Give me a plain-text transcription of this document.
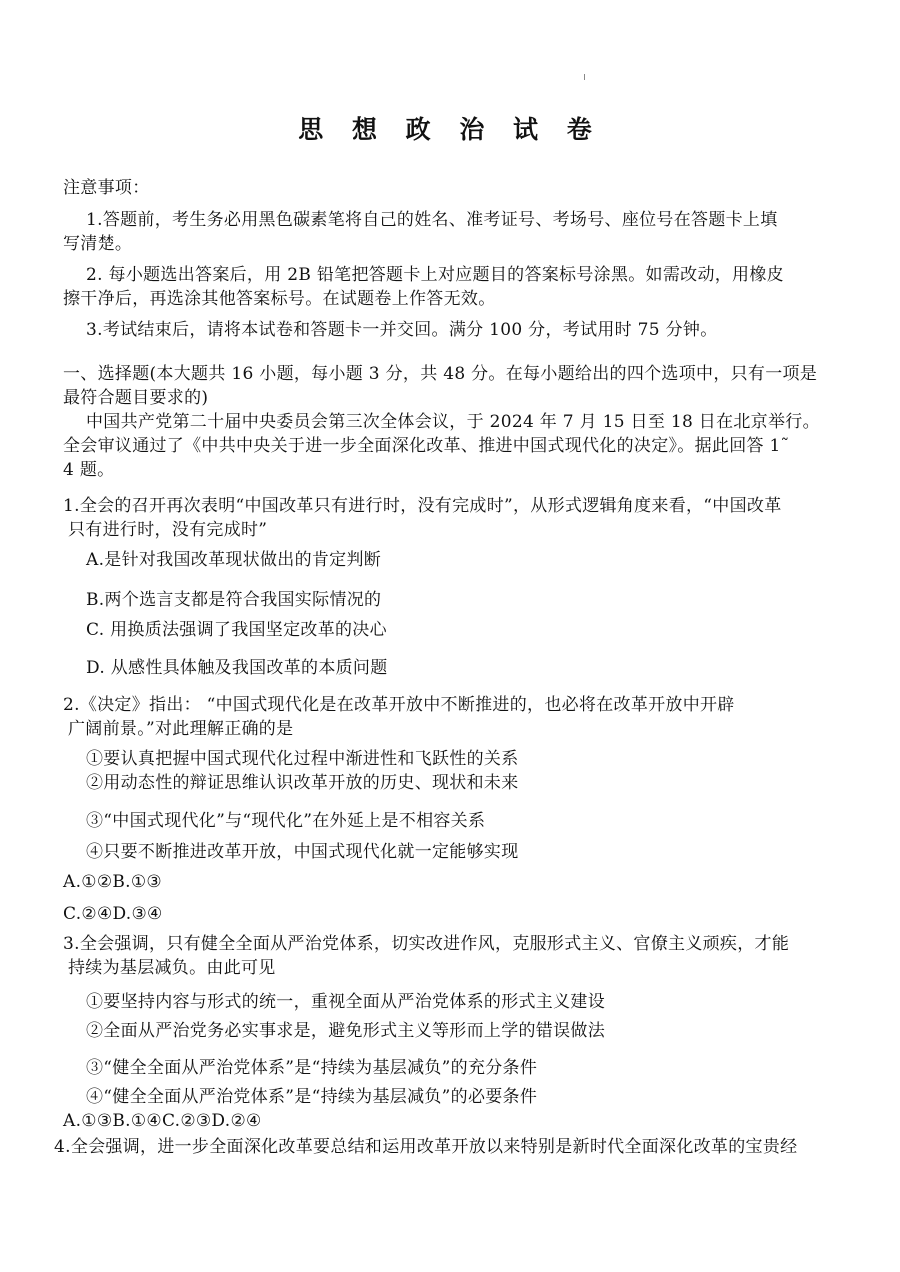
思 想 政 治 试 卷
注意事项：
1.答题前，考生务必用黑色碳素笔将自己的姓名、准考证号、考场号、座位号在答题卡上填
写清楚。
2. 每小题选出答案后，用 2B 铅笔把答题卡上对应题目的答案标号涂黑。如需改动，用橡皮
擦干净后，再选涂其他答案标号。在试题卷上作答无效。
3.考试结束后，请将本试卷和答题卡一并交回。满分 100 分，考试用时 75 分钟。
一、选择题(本大题共 16 小题，每小题 3 分，共 48 分。在每小题给出的四个选项中，只有一项是
最符合题目要求的)
中国共产党第二十届中央委员会第三次全体会议，于 2024 年 7 月 15 日至 18 日在北京举行。
全会审议通过了《中共中央关于进一步全面深化改革、推进中国式现代化的决定》。据此回答 1˜
4 题。
1.全会的召开再次表明“中国改革只有进行时，没有完成时”，从形式逻辑角度来看，“中国改革
只有进行时，没有完成时”
A.是针对我国改革现状做出的肯定判断
B.两个选言支都是符合我国实际情况的
C. 用换质法强调了我国坚定改革的决心
D. 从感性具体触及我国改革的本质问题
2.《决定》指出： “中国式现代化是在改革开放中不断推进的，也必将在改革开放中开辟
广阔前景。”对此理解正确的是
①要认真把握中国式现代化过程中渐进性和飞跃性的关系
②用动态性的辩证思维认识改革开放的历史、现状和未来
③“中国式现代化”与“现代化”在外延上是不相容关系
④只要不断推进改革开放，中国式现代化就一定能够实现
A.①②B.①③
C.②④D.③④
3.全会强调，只有健全全面从严治党体系，切实改进作风，克服形式主义、官僚主义顽疾，才能
持续为基层减负。由此可见
①要坚持内容与形式的统一，重视全面从严治党体系的形式主义建设
②全面从严治党务必实事求是，避免形式主义等形而上学的错误做法
③“健全全面从严治党体系”是“持续为基层减负”的充分条件
④“健全全面从严治党体系”是“持续为基层减负”的必要条件
A.①③B.①④C.②③D.②④
4.全会强调，进一步全面深化改革要总结和运用改革开放以来特别是新时代全面深化改革的宝贵经
